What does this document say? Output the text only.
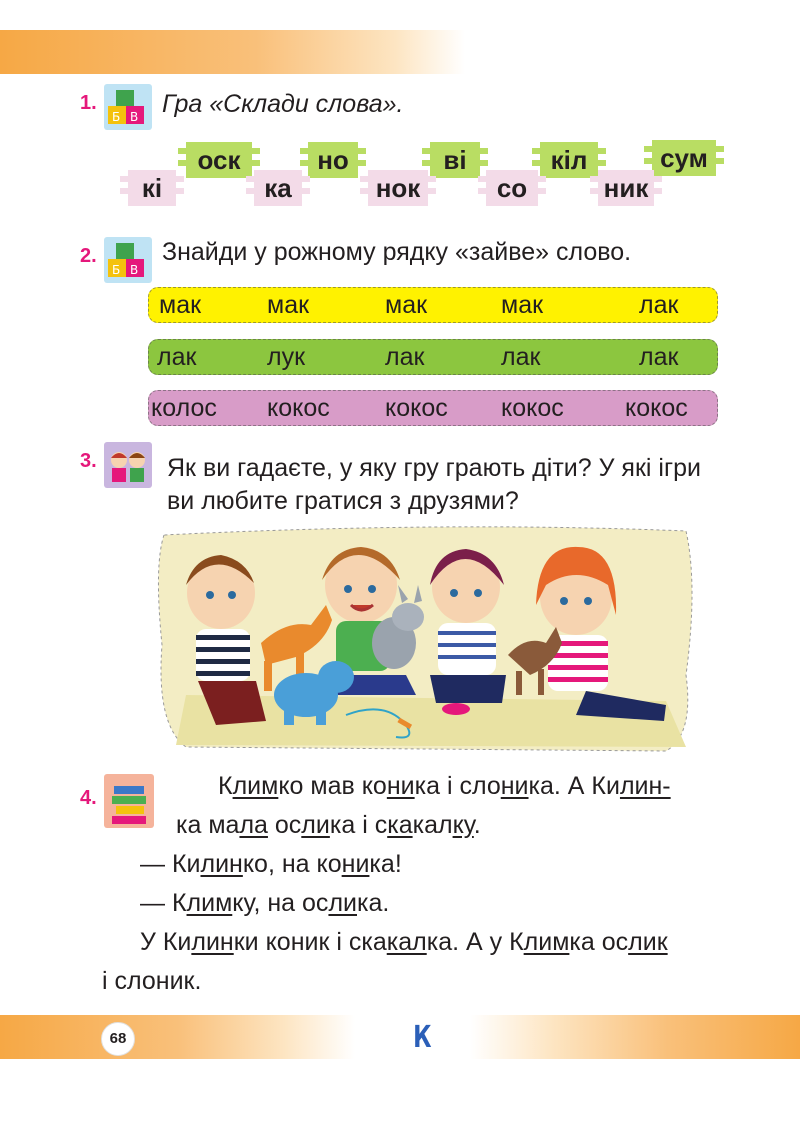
1.
Б В Гра «Склади слова».
оск	но	ві	кіл	сум
кі	ка	нок	со	ник
2.
Б В
Знайди у рожному рядку «зайве» слово.
мак	мак	мак	мак	лак
лак	лук	лак	лак	лак
колос кокос кокос кокос кокос
3.	Як ви гадаєте, у яку гру грають діти? У які ігри
ви любите гратися з друзями?
4.	Климко мав коника і слоника. А Килин-
ка мала ослика і скакалку.
— Килинко, на коника!
— Климку, на ослика.
У Килинки коник і скакалка. А у Климка ослик
і слоник.
68	К
